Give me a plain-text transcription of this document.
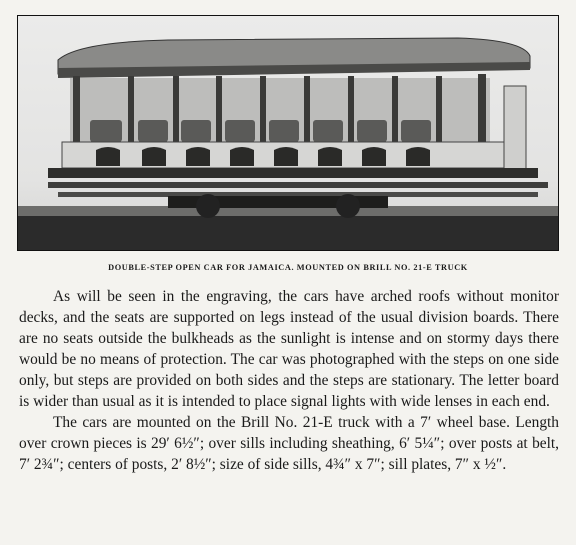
DOUBLE-STEP OPEN CAR FOR JAMAICA. MOUNTED ON BRILL NO. 21-E TRUCK

As will be seen in the engraving, the cars have arched roofs without monitor decks, and the seats are supported on legs instead of the usual division boards. There are no seats outside the bulkheads as the sunlight is intense and on stormy days there would be no means of protection. The car was photographed with the steps on one side only, but steps are provided on both sides and the steps are stationary. The letter board is wider than usual as it is intended to place signal lights with wide lenses in each end.

The cars are mounted on the Brill No. 21-E truck with a 7′ wheel base. Length over crown pieces is 29′ 6½″; over sills including sheathing, 6′ 5¼″; over posts at belt, 7′ 2¾″; centers of posts, 2′ 8½″; size of side sills, 4¾″ x 7″; sill plates, 7″ x ½″.
